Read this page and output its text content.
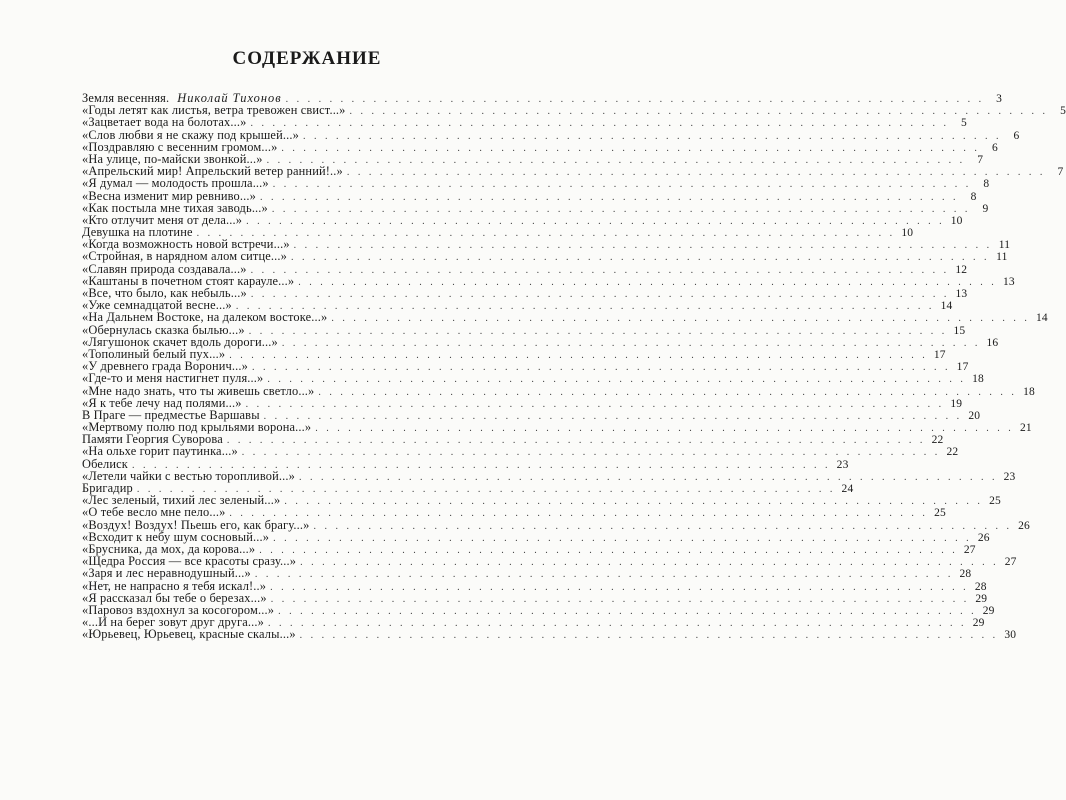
СОДЕРЖАНИЕ
Земля весенняя. Николай Тихонов . . . . . . . . . . . . . . . . . . . . . . . . . . . . . . . . . . . . . . . . . . . . . . . . . . . . . . . . . . . . . . . .	3
«Годы летят как листья, ветра тревожен свист...» . . . . . . . . . . . . . . . . . . . . . . . . . . . . . . . . . . . . . . . . . . . . . . . . . . . . . . . . . . . . . . . .	5
«Зацветает вода на болотах...» . . . . . . . . . . . . . . . . . . . . . . . . . . . . . . . . . . . . . . . . . . . . . . . . . . . . . . . . . . . . . . . .	5
«Слов любви я не скажу под крышей...» . . . . . . . . . . . . . . . . . . . . . . . . . . . . . . . . . . . . . . . . . . . . . . . . . . . . . . . . . . . . . . . .	6
«Поздравляю с весенним громом...» . . . . . . . . . . . . . . . . . . . . . . . . . . . . . . . . . . . . . . . . . . . . . . . . . . . . . . . . . . . . . . . .	6
«На улице, по-майски звонкой...» . . . . . . . . . . . . . . . . . . . . . . . . . . . . . . . . . . . . . . . . . . . . . . . . . . . . . . . . . . . . . . . .	7
«Апрельский мир! Апрельский ветер ранний!..» . . . . . . . . . . . . . . . . . . . . . . . . . . . . . . . . . . . . . . . . . . . . . . . . . . . . . . . . . . . . . . . .	7
«Я думал — молодость прошла...» . . . . . . . . . . . . . . . . . . . . . . . . . . . . . . . . . . . . . . . . . . . . . . . . . . . . . . . . . . . . . . . .	8
«Весна изменит мир ревниво...» . . . . . . . . . . . . . . . . . . . . . . . . . . . . . . . . . . . . . . . . . . . . . . . . . . . . . . . . . . . . . . . .	8
«Как постыла мне тихая заводь...» . . . . . . . . . . . . . . . . . . . . . . . . . . . . . . . . . . . . . . . . . . . . . . . . . . . . . . . . . . . . . . . .	9
«Кто отлучит меня от дела...» . . . . . . . . . . . . . . . . . . . . . . . . . . . . . . . . . . . . . . . . . . . . . . . . . . . . . . . . . . . . . . . . 10
Девушка на плотине . . . . . . . . . . . . . . . . . . . . . . . . . . . . . . . . . . . . . . . . . . . . . . . . . . . . . . . . . . . . . . . . 10
«Когда возможность новой встречи...» . . . . . . . . . . . . . . . . . . . . . . . . . . . . . . . . . . . . . . . . . . . . . . . . . . . . . . . . . . . . . . . . 11
«Стройная, в нарядном алом ситце...» . . . . . . . . . . . . . . . . . . . . . . . . . . . . . . . . . . . . . . . . . . . . . . . . . . . . . . . . . . . . . . . . 11
«Славян природа создавала...» . . . . . . . . . . . . . . . . . . . . . . . . . . . . . . . . . . . . . . . . . . . . . . . . . . . . . . . . . . . . . . . . 12
«Каштаны в почетном стоят карауле...» . . . . . . . . . . . . . . . . . . . . . . . . . . . . . . . . . . . . . . . . . . . . . . . . . . . . . . . . . . . . . . . . 13
«Все, что было, как небыль...» . . . . . . . . . . . . . . . . . . . . . . . . . . . . . . . . . . . . . . . . . . . . . . . . . . . . . . . . . . . . . . . . 13
«Уже семнадцатой весне...» . . . . . . . . . . . . . . . . . . . . . . . . . . . . . . . . . . . . . . . . . . . . . . . . . . . . . . . . . . . . . . . . 14
«На Дальнем Востоке, на далеком востоке...» . . . . . . . . . . . . . . . . . . . . . . . . . . . . . . . . . . . . . . . . . . . . . . . . . . . . . . . . . . . . . . . . 14
«Обернулась сказка былью...» . . . . . . . . . . . . . . . . . . . . . . . . . . . . . . . . . . . . . . . . . . . . . . . . . . . . . . . . . . . . . . . . 15
«Лягушонок скачет вдоль дороги...» . . . . . . . . . . . . . . . . . . . . . . . . . . . . . . . . . . . . . . . . . . . . . . . . . . . . . . . . . . . . . . . . 16
«Тополиный белый пух...» . . . . . . . . . . . . . . . . . . . . . . . . . . . . . . . . . . . . . . . . . . . . . . . . . . . . . . . . . . . . . . . . 17
«У древнего града Воронич...» . . . . . . . . . . . . . . . . . . . . . . . . . . . . . . . . . . . . . . . . . . . . . . . . . . . . . . . . . . . . . . . . 17
«Где-то и меня настигнет пуля...» . . . . . . . . . . . . . . . . . . . . . . . . . . . . . . . . . . . . . . . . . . . . . . . . . . . . . . . . . . . . . . . . 18
«Мне надо знать, что ты живешь светло...» . . . . . . . . . . . . . . . . . . . . . . . . . . . . . . . . . . . . . . . . . . . . . . . . . . . . . . . . . . . . . . . . 18
«Я к тебе лечу над полями...» . . . . . . . . . . . . . . . . . . . . . . . . . . . . . . . . . . . . . . . . . . . . . . . . . . . . . . . . . . . . . . . . 19
В Праге — предместье Варшавы . . . . . . . . . . . . . . . . . . . . . . . . . . . . . . . . . . . . . . . . . . . . . . . . . . . . . . . . . . . . . . . . 20
«Мертвому полю под крыльями ворона...» . . . . . . . . . . . . . . . . . . . . . . . . . . . . . . . . . . . . . . . . . . . . . . . . . . . . . . . . . . . . . . . . 21
Памяти Георгия Суворова . . . . . . . . . . . . . . . . . . . . . . . . . . . . . . . . . . . . . . . . . . . . . . . . . . . . . . . . . . . . . . . . 22
«На ольхе горит паутинка...» . . . . . . . . . . . . . . . . . . . . . . . . . . . . . . . . . . . . . . . . . . . . . . . . . . . . . . . . . . . . . . . . 22
Обелиск . . . . . . . . . . . . . . . . . . . . . . . . . . . . . . . . . . . . . . . . . . . . . . . . . . . . . . . . . . . . . . . . 23
«Летели чайки с вестью торопливой...» . . . . . . . . . . . . . . . . . . . . . . . . . . . . . . . . . . . . . . . . . . . . . . . . . . . . . . . . . . . . . . . . 23
Бригадир . . . . . . . . . . . . . . . . . . . . . . . . . . . . . . . . . . . . . . . . . . . . . . . . . . . . . . . . . . . . . . . . 24
«Лес зеленый, тихий лес зеленый...» . . . . . . . . . . . . . . . . . . . . . . . . . . . . . . . . . . . . . . . . . . . . . . . . . . . . . . . . . . . . . . . . 25
«О тебе весло мне пело...» . . . . . . . . . . . . . . . . . . . . . . . . . . . . . . . . . . . . . . . . . . . . . . . . . . . . . . . . . . . . . . . . 25
«Воздух! Воздух! Пьешь его, как брагу...» . . . . . . . . . . . . . . . . . . . . . . . . . . . . . . . . . . . . . . . . . . . . . . . . . . . . . . . . . . . . . . . . 26
«Всходит к небу шум сосновый...» . . . . . . . . . . . . . . . . . . . . . . . . . . . . . . . . . . . . . . . . . . . . . . . . . . . . . . . . . . . . . . . . 26
«Брусника, да мох, да корова...» . . . . . . . . . . . . . . . . . . . . . . . . . . . . . . . . . . . . . . . . . . . . . . . . . . . . . . . . . . . . . . . . 27
«Щедра Россия — все красоты сразу...» . . . . . . . . . . . . . . . . . . . . . . . . . . . . . . . . . . . . . . . . . . . . . . . . . . . . . . . . . . . . . . . . 27
«Заря и лес неравнодушный...» . . . . . . . . . . . . . . . . . . . . . . . . . . . . . . . . . . . . . . . . . . . . . . . . . . . . . . . . . . . . . . . . 28
«Нет, не напрасно я тебя искал!..» . . . . . . . . . . . . . . . . . . . . . . . . . . . . . . . . . . . . . . . . . . . . . . . . . . . . . . . . . . . . . . . . 28
«Я рассказал бы тебе о березах...» . . . . . . . . . . . . . . . . . . . . . . . . . . . . . . . . . . . . . . . . . . . . . . . . . . . . . . . . . . . . . . . . 29
«Паровоз вздохнул за косогором...» . . . . . . . . . . . . . . . . . . . . . . . . . . . . . . . . . . . . . . . . . . . . . . . . . . . . . . . . . . . . . . . . 29
«...И на берег зовут друг друга...» . . . . . . . . . . . . . . . . . . . . . . . . . . . . . . . . . . . . . . . . . . . . . . . . . . . . . . . . . . . . . . . . 29
«Юрьевец, Юрьевец, красные скалы...» . . . . . . . . . . . . . . . . . . . . . . . . . . . . . . . . . . . . . . . . . . . . . . . . . . . . . . . . . . . . . . . . 30
